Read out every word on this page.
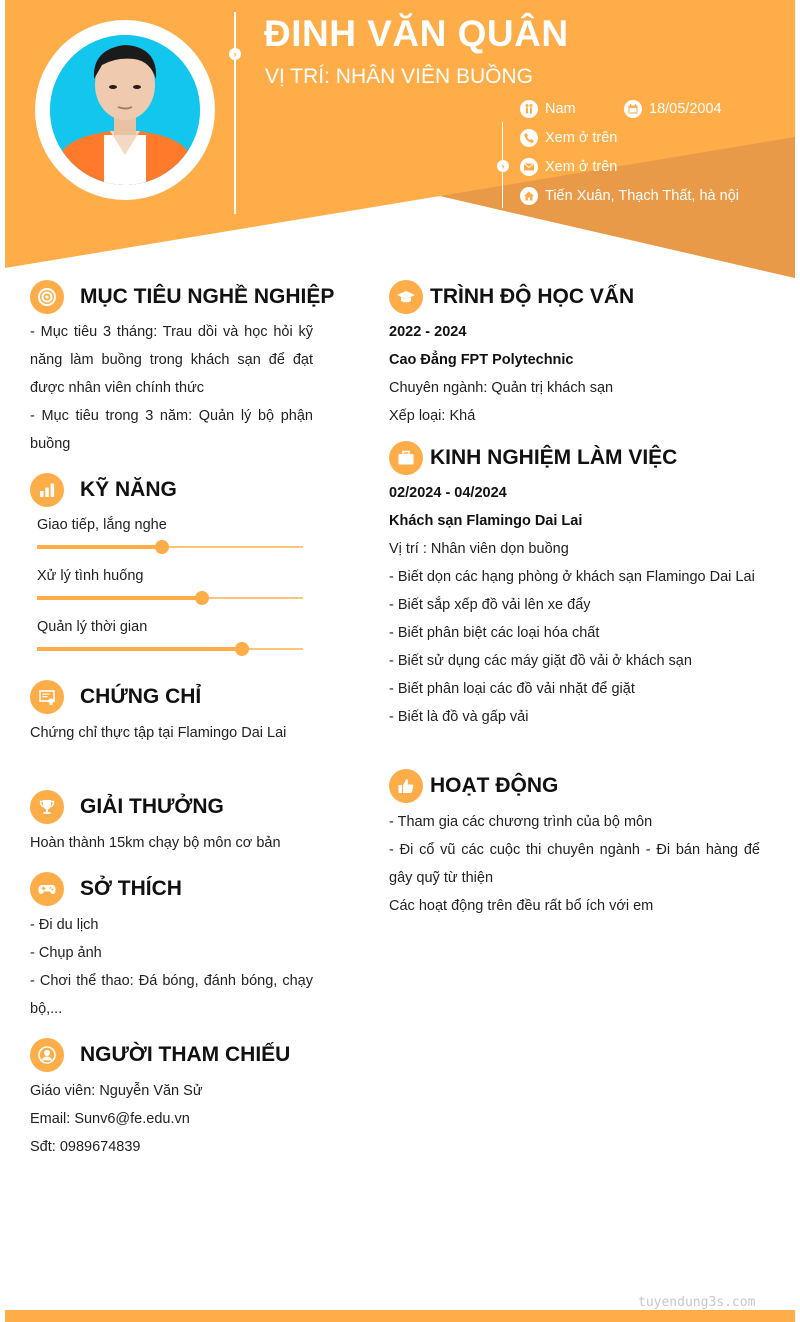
› ĐINH VĂN QUÂN
VỊ TRÍ: NHÂN VIÊN BUỒNG
›
Nam	18/05/2004
Xem ở trên
Xem ở trên
Tiến Xuân, Thạch Thất, hà nội
MỤC TIÊU NGHỀ NGHIỆP

- Mục tiêu 3 tháng: Trau dồi và học hỏi kỹ năng làm buồng trong khách sạn để đạt được nhân viên chính thức

- Mục tiêu trong 3 năm: Quản lý bộ phận buồng

KỸ NĂNG
Giao tiếp, lắng nghe
Xử lý tình huống
Quản lý thời gian
CHỨNG CHỈ

Chứng chỉ thực tập tại Flamingo Dai Lai

GIẢI THƯỞNG

Hoàn thành 15km chạy bộ môn cơ bản

SỞ THÍCH

- Đi du lịch

- Chụp ảnh

- Chơi thể thao: Đá bóng, đánh bóng, chạy bộ,...

NGƯỜI THAM CHIẾU

Giáo viên: Nguyễn Văn Sử

Email: Sunv6@fe.edu.vn

Sđt: 0989674839

TRÌNH ĐỘ HỌC VẤN

2022 - 2024

Cao Đẳng FPT Polytechnic

Chuyên ngành: Quản trị khách sạn

Xếp loại: Khá

KINH NGHIỆM LÀM VIỆC

02/2024 - 04/2024

Khách sạn Flamingo Dai Lai

Vị trí : Nhân viên dọn buồng

- Biết dọn các hạng phòng ở khách sạn Flamingo Dai Lai

- Biết sắp xếp đồ vải lên xe đẩy

- Biết phân biệt các loại hóa chất

- Biết sử dụng các máy giặt đồ vải ở khách sạn

- Biết phân loại các đồ vải nhặt để giặt

- Biết là đồ và gấp vải

HOẠT ĐỘNG

- Tham gia các chương trình của bộ môn

- Đi cổ vũ các cuộc thi chuyên ngành - Đi bán hàng để gây quỹ từ thiện

Các hoạt động trên đều rất bổ ích với em

tuyendung3s.com
